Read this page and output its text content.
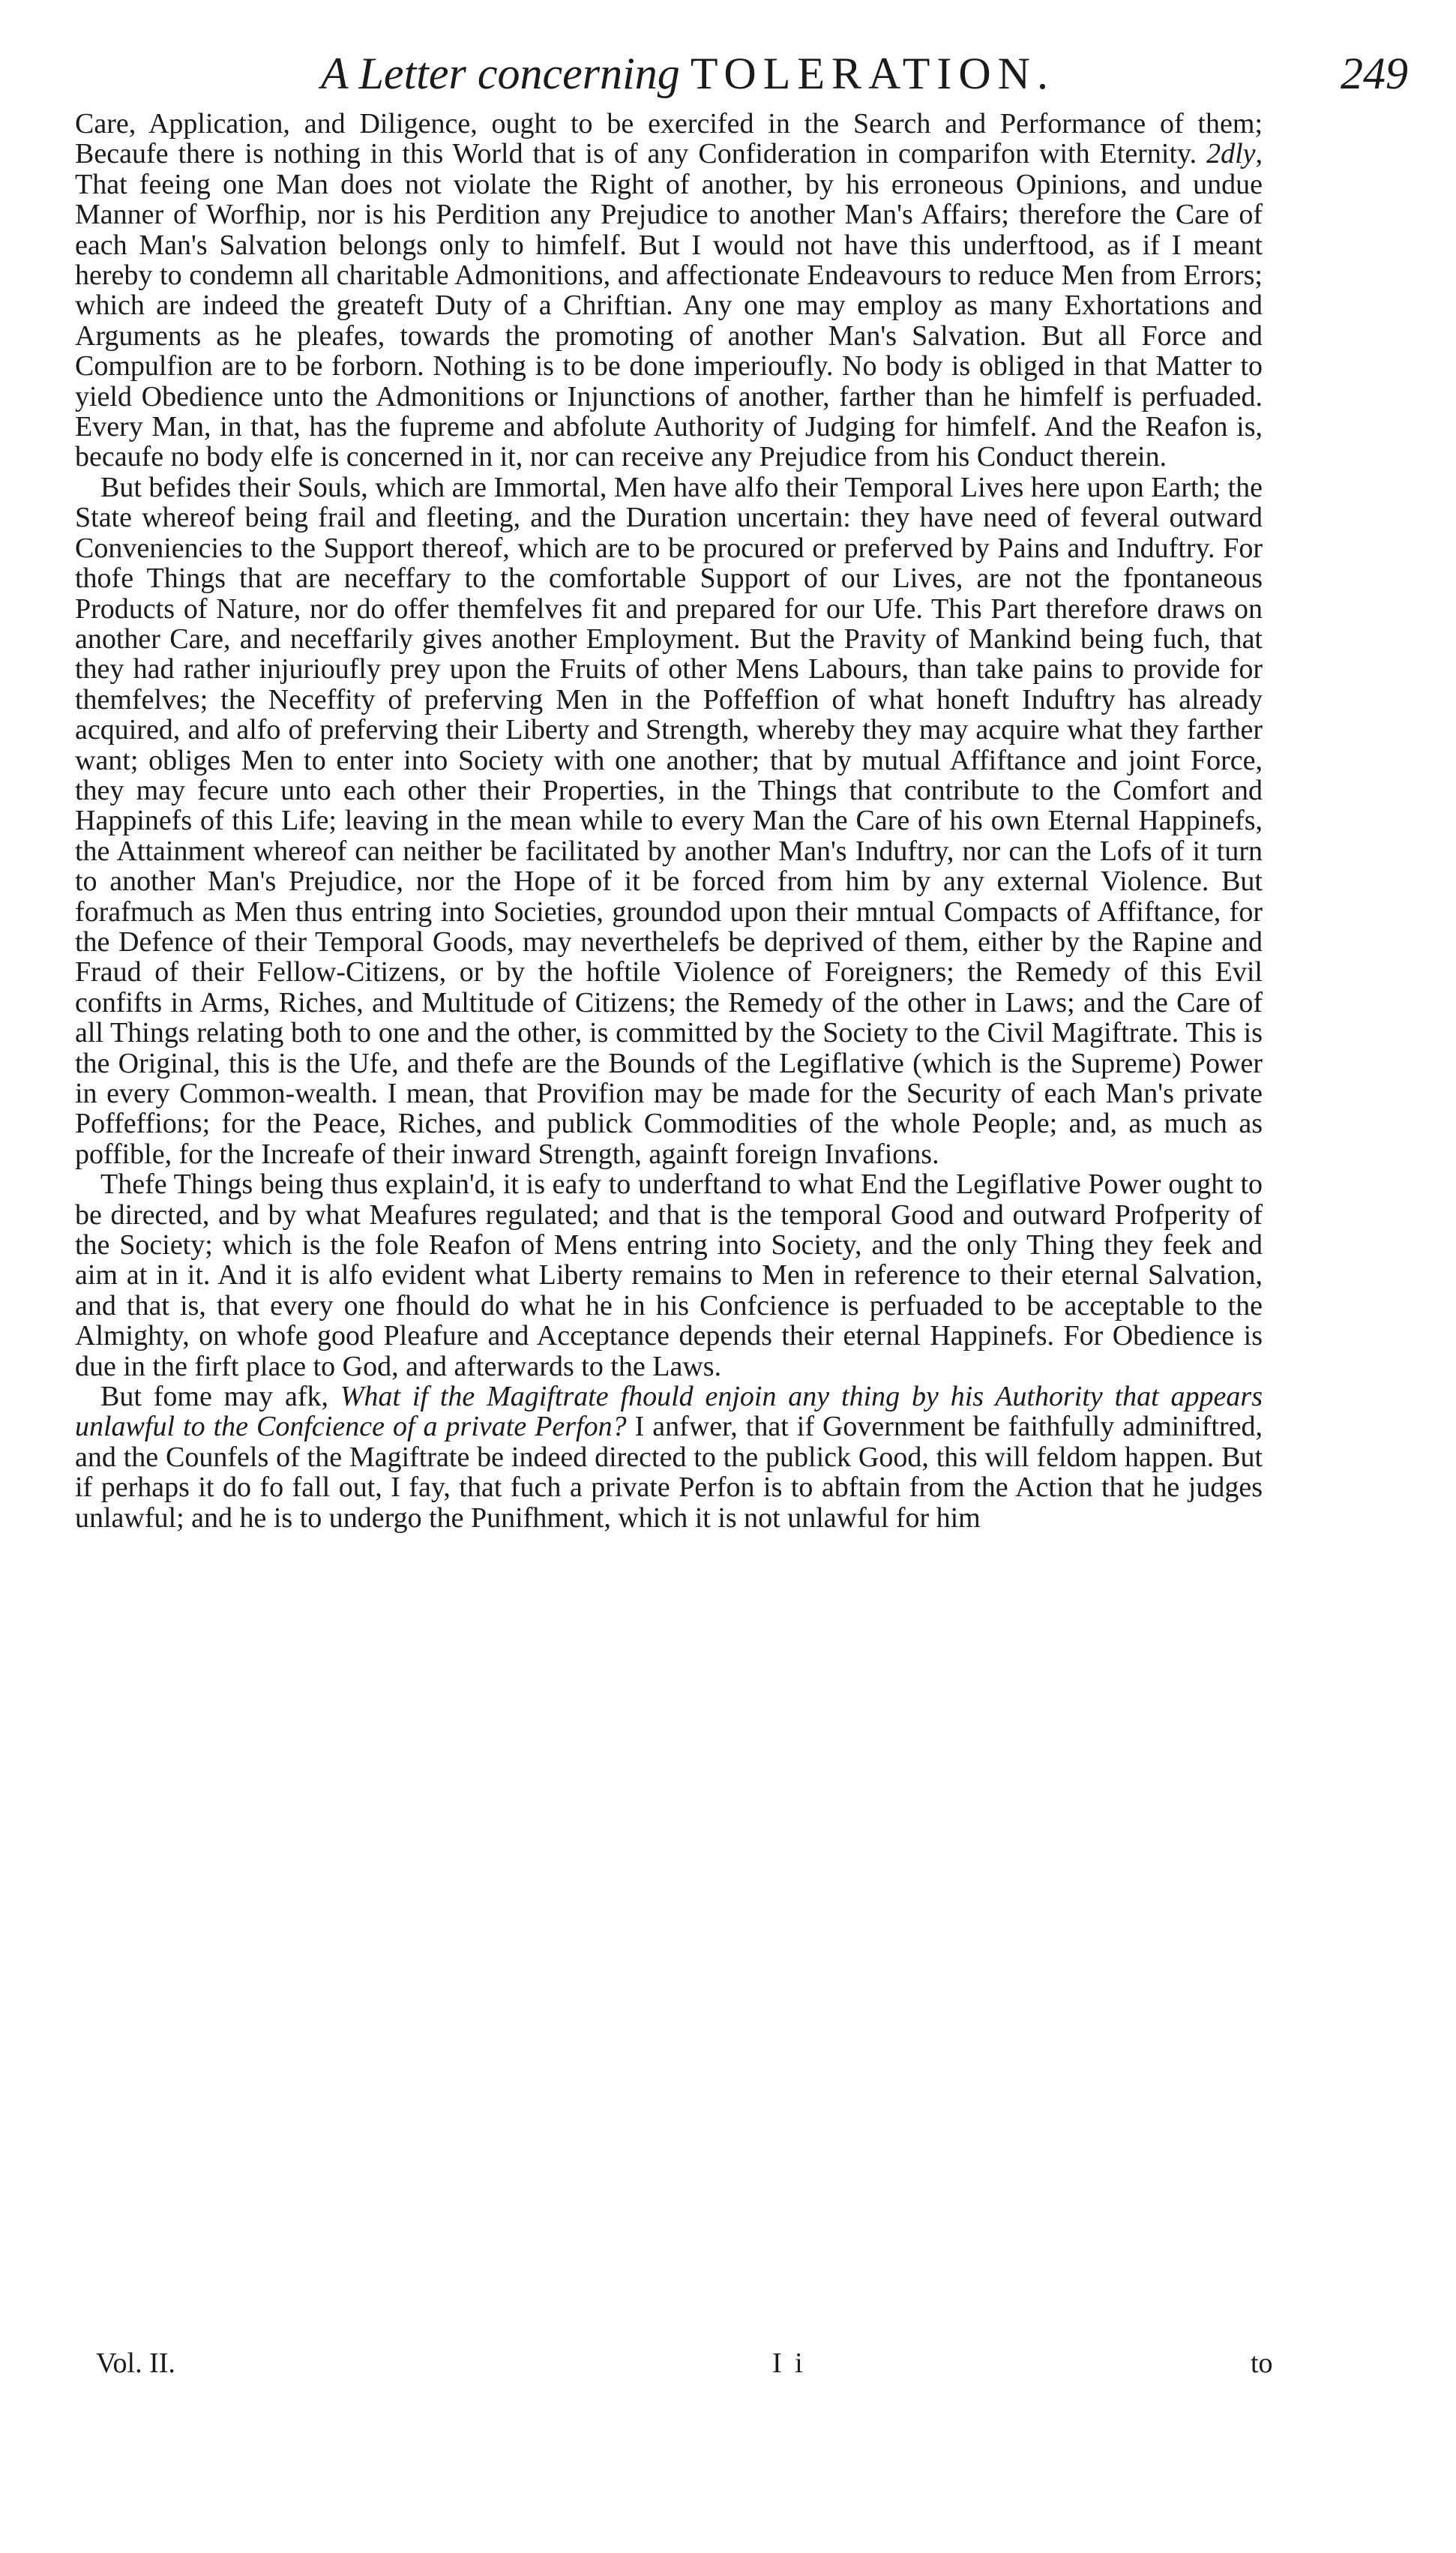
A Letter concerning TOLERATION.	249

Care, Application, and Diligence, ought to be exercifed in the Search and Performance of them; Becaufe there is nothing in this World that is of any Confideration in comparifon with Eternity. 2dly, That feeing one Man does not violate the Right of another, by his erroneous Opinions, and undue Manner of Worfhip, nor is his Perdition any Prejudice to another Man's Affairs; therefore the Care of each Man's Salvation belongs only to himfelf. But I would not have this underftood, as if I meant hereby to condemn all charitable Admonitions, and affectionate Endeavours to reduce Men from Errors; which are indeed the greateft Duty of a Chriftian. Any one may employ as many Exhortations and Arguments as he pleafes, towards the promoting of another Man's Salvation. But all Force and Compulfion are to be forborn. Nothing is to be done imperioufly. No body is obliged in that Matter to yield Obedience unto the Admonitions or Injunctions of another, farther than he himfelf is perfuaded. Every Man, in that, has the fupreme and abfolute Authority of Judging for himfelf. And the Reafon is, becaufe no body elfe is concerned in it, nor can receive any Prejudice from his Conduct therein.

But befides their Souls, which are Immortal, Men have alfo their Temporal Lives here upon Earth; the State whereof being frail and fleeting, and the Duration uncertain: they have need of feveral outward Conveniencies to the Support thereof, which are to be procured or preferved by Pains and Induftry. For thofe Things that are neceffary to the comfortable Support of our Lives, are not the fpontaneous Products of Nature, nor do offer themfelves fit and prepared for our Ufe. This Part therefore draws on another Care, and neceffarily gives another Employment. But the Pravity of Mankind being fuch, that they had rather injurioufly prey upon the Fruits of other Mens Labours, than take pains to provide for themfelves; the Neceffity of preferving Men in the Poffeffion of what honeft Induftry has already acquired, and alfo of preferving their Liberty and Strength, whereby they may acquire what they farther want; obliges Men to enter into Society with one another; that by mutual Affiftance and joint Force, they may fecure unto each other their Properties, in the Things that contribute to the Comfort and Happinefs of this Life; leaving in the mean while to every Man the Care of his own Eternal Happinefs, the Attainment whereof can neither be facilitated by another Man's Induftry, nor can the Lofs of it turn to another Man's Prejudice, nor the Hope of it be forced from him by any external Violence. But forafmuch as Men thus entring into Societies, groundod upon their mntual Compacts of Affiftance, for the Defence of their Temporal Goods, may neverthelefs be deprived of them, either by the Rapine and Fraud of their Fellow-Citizens, or by the hoftile Violence of Foreigners; the Remedy of this Evil confifts in Arms, Riches, and Multitude of Citizens; the Remedy of the other in Laws; and the Care of all Things relating both to one and the other, is committed by the Society to the Civil Magiftrate. This is the Original, this is the Ufe, and thefe are the Bounds of the Legiflative (which is the Supreme) Power in every Common-wealth. I mean, that Provifion may be made for the Security of each Man's private Poffeffions; for the Peace, Riches, and publick Commodities of the whole People; and, as much as poffible, for the Increafe of their inward Strength, againft foreign Invafions.

Thefe Things being thus explain'd, it is eafy to underftand to what End the Legiflative Power ought to be directed, and by what Meafures regulated; and that is the temporal Good and outward Profperity of the Society; which is the fole Reafon of Mens entring into Society, and the only Thing they feek and aim at in it. And it is alfo evident what Liberty remains to Men in reference to their eternal Salvation, and that is, that every one fhould do what he in his Confcience is perfuaded to be acceptable to the Almighty, on whofe good Pleafure and Acceptance depends their eternal Happinefs. For Obedience is due in the firft place to God, and afterwards to the Laws.

But fome may afk, What if the Magiftrate fhould enjoin any thing by his Authority that appears unlawful to the Confcience of a private Perfon? I anfwer, that if Government be faithfully adminiftred, and the Counfels of the Magiftrate be indeed directed to the publick Good, this will feldom happen. But if perhaps it do fo fall out, I fay, that fuch a private Perfon is to abftain from the Action that he judges unlawful; and he is to undergo the Punifhment, which it is not unlawful for him

Vol. II.	I i	to
